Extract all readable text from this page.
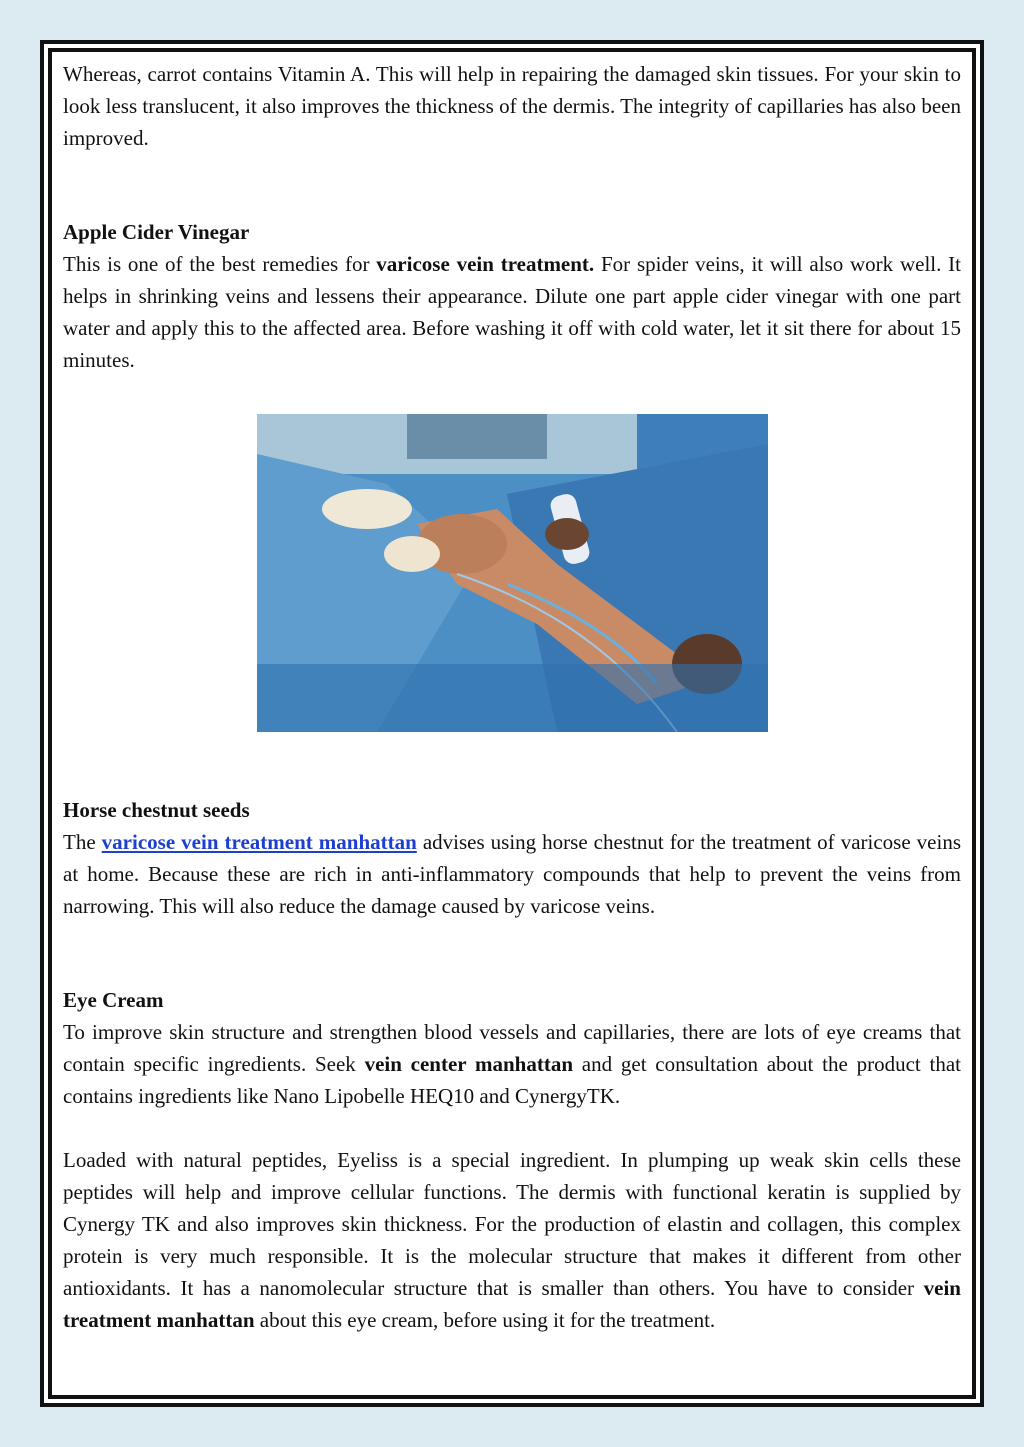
Whereas, carrot contains Vitamin A. This will help in repairing the damaged skin tissues. For your skin to look less translucent, it also improves the thickness of the dermis. The integrity of capillaries has also been improved.

Apple Cider Vinegar

This is one of the best remedies for varicose vein treatment. For spider veins, it will also work well. It helps in shrinking veins and lessens their appearance. Dilute one part apple cider vinegar with one part water and apply this to the affected area. Before washing it off with cold water, let it sit there for about 15 minutes.

Horse chestnut seeds

The varicose vein treatment manhattan advises using horse chestnut for the treatment of varicose veins at home. Because these are rich in anti-inflammatory compounds that help to prevent the veins from narrowing. This will also reduce the damage caused by varicose veins.

Eye Cream

To improve skin structure and strengthen blood vessels and capillaries, there are lots of eye creams that contain specific ingredients. Seek vein center manhattan and get consultation about the product that contains ingredients like Nano Lipobelle HEQ10 and CynergyTK.

Loaded with natural peptides, Eyeliss is a special ingredient. In plumping up weak skin cells these peptides will help and improve cellular functions. The dermis with functional keratin is supplied by Cynergy TK and also improves skin thickness. For the production of elastin and collagen, this complex protein is very much responsible. It is the molecular structure that makes it different from other antioxidants. It has a nanomolecular structure that is smaller than others. You have to consider vein treatment manhattan about this eye cream, before using it for the treatment.
